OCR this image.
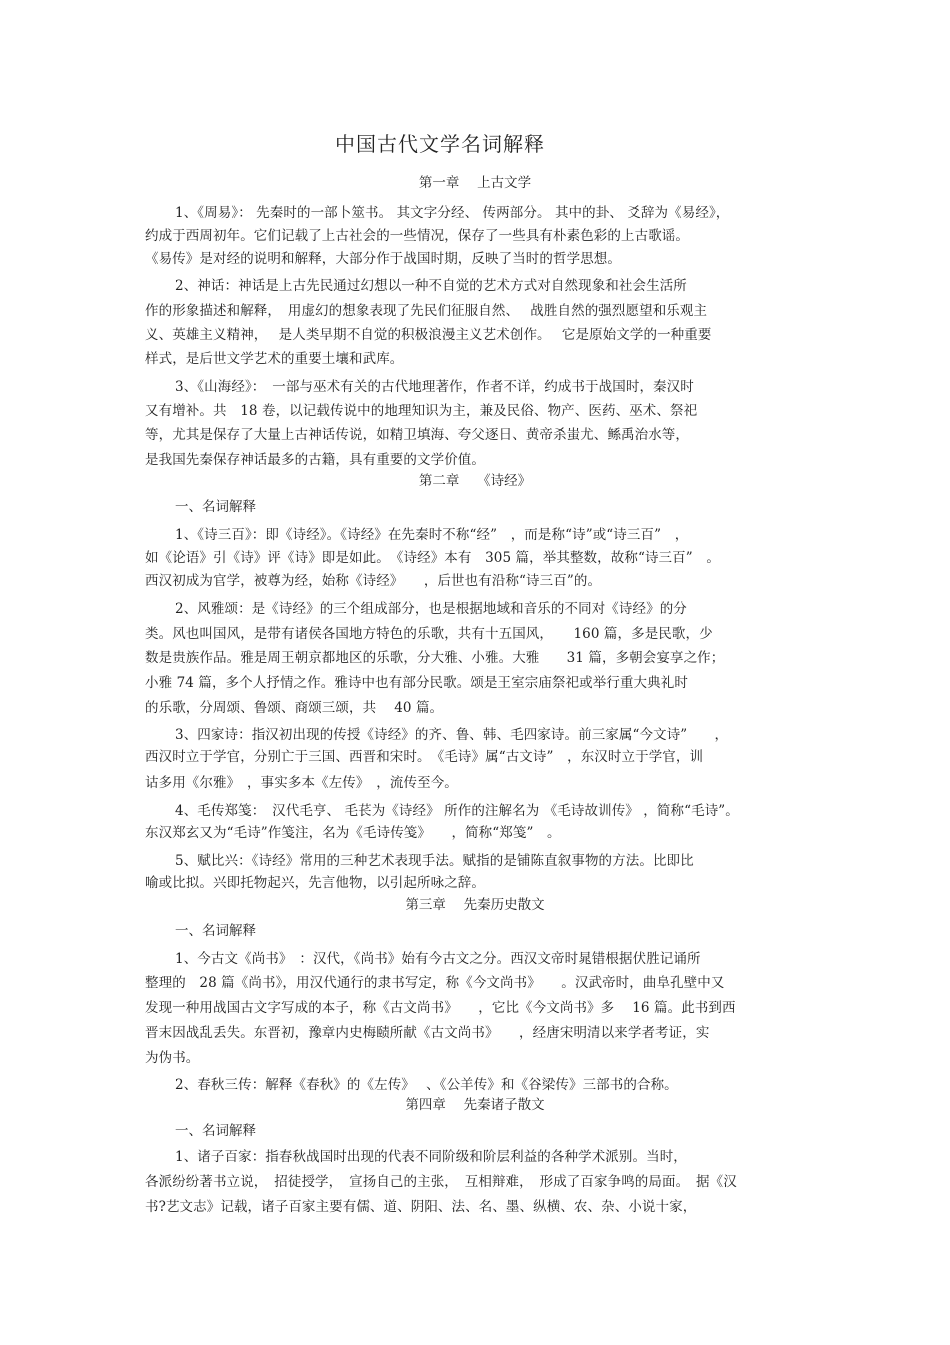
中国古代文学名词解释
第一章　 上古文学
1、《周易》： 先秦时的一部卜筮书。 其文字分经、 传两部分。 其中的卦、 爻辞为《易经》，
约成于西周初年。它们记载了上古社会的一些情况，保存了一些具有朴素色彩的上古歌谣。
《易传》是对经的说明和解释，大部分作于战国时期，反映了当时的哲学思想。
2、神话：神话是上古先民通过幻想以一种不自觉的艺术方式对自然现象和社会生活所
作的形象描述和解释，　用虚幻的想象表现了先民们征服自然、　 战胜自然的强烈愿望和乐观主
义、英雄主义精神，　 是人类早期不自觉的积极浪漫主义艺术创作。　 它是原始文学的一种重要
样式，是后世文学艺术的重要土壤和武库。
3、《山海经》：　一部与巫术有关的古代地理著作，作者不详，约成书于战国时，秦汉时
又有增补。共　18 卷，以记载传说中的地理知识为主，兼及民俗、物产、医药、巫术、祭祀
等，尤其是保存了大量上古神话传说，如精卫填海、夸父逐日、黄帝杀蚩尤、鲧禹治水等，
是我国先秦保存神话最多的古籍，具有重要的文学价值。
第二章　 《诗经》
一、名词解释
1、《诗三百》：即《诗经》。《诗经》在先秦时不称“经”　，而是称“诗”或“诗三百”　，
如《论语》引《诗》评《诗》即是如此。　《诗经》本有　305 篇，举其整数，故称“诗三百”　。
西汉初成为官学，被尊为经，始称《诗经》　　，后世也有沿称“诗三百”的。
2、风雅颂：是《诗经》的三个组成部分，也是根据地域和音乐的不同对《诗经》的分
类。风也叫国风，是带有诸侯各国地方特色的乐歌，共有十五国风，　　160 篇，多是民歌，少
数是贵族作品。雅是周王朝京都地区的乐歌，分大雅、小雅。大雅　　31 篇，多朝会宴享之作；
小雅 74 篇，多个人抒情之作。雅诗中也有部分民歌。颂是王室宗庙祭祀或举行重大典礼时
的乐歌，分周颂、鲁颂、商颂三颂，共　 40 篇。
3、四家诗：指汉初出现的传授《诗经》的齐、鲁、韩、毛四家诗。前三家属“今文诗”　　，
西汉时立于学官，分别亡于三国、西晋和宋时。　《毛诗》属“古文诗”　，东汉时立于学官，训
诂多用《尔雅》　，事实多本《左传》　，流传至今。
4、毛传郑笺：　汉代毛亨、 毛苌为《诗经》 所作的注解名为 《毛诗故训传》 ，简称“毛诗”。
东汉郑玄又为“毛诗”作笺注，名为《毛诗传笺》　　，简称“郑笺”　。
5、赋比兴：《诗经》常用的三种艺术表现手法。赋指的是铺陈直叙事物的方法。比即比
喻或比拟。兴即托物起兴，先言他物，以引起所咏之辞。
第三章　 先秦历史散文
一、名词解释
1、今古文《尚书》　：汉代，《尚书》始有今古文之分。西汉文帝时晁错根据伏胜记诵所
整理的　28 篇《尚书》，用汉代通行的隶书写定，称《今文尚书》　　。汉武帝时，曲阜孔壁中又
发现一种用战国古文字写成的本子，称《古文尚书》　　，它比《今文尚书》多　 16 篇。此书到西
晋末因战乱丢失。东晋初，豫章内史梅赜所献《古文尚书》　　，经唐宋明清以来学者考证，实
为伪书。
2、春秋三传：解释《春秋》的《左传》　 、《公羊传》和《谷梁传》三部书的合称。
第四章　 先秦诸子散文
一、名词解释
1、诸子百家：指春秋战国时出现的代表不同阶级和阶层利益的各种学术派别。当时，
各派纷纷著书立说，　招徒授学，　宣扬自己的主张，　互相辩难，　形成了百家争鸣的局面。　据《汉
书?艺文志》记载，诸子百家主要有儒、道、阴阳、法、名、墨、纵横、农、杂、小说十家，
